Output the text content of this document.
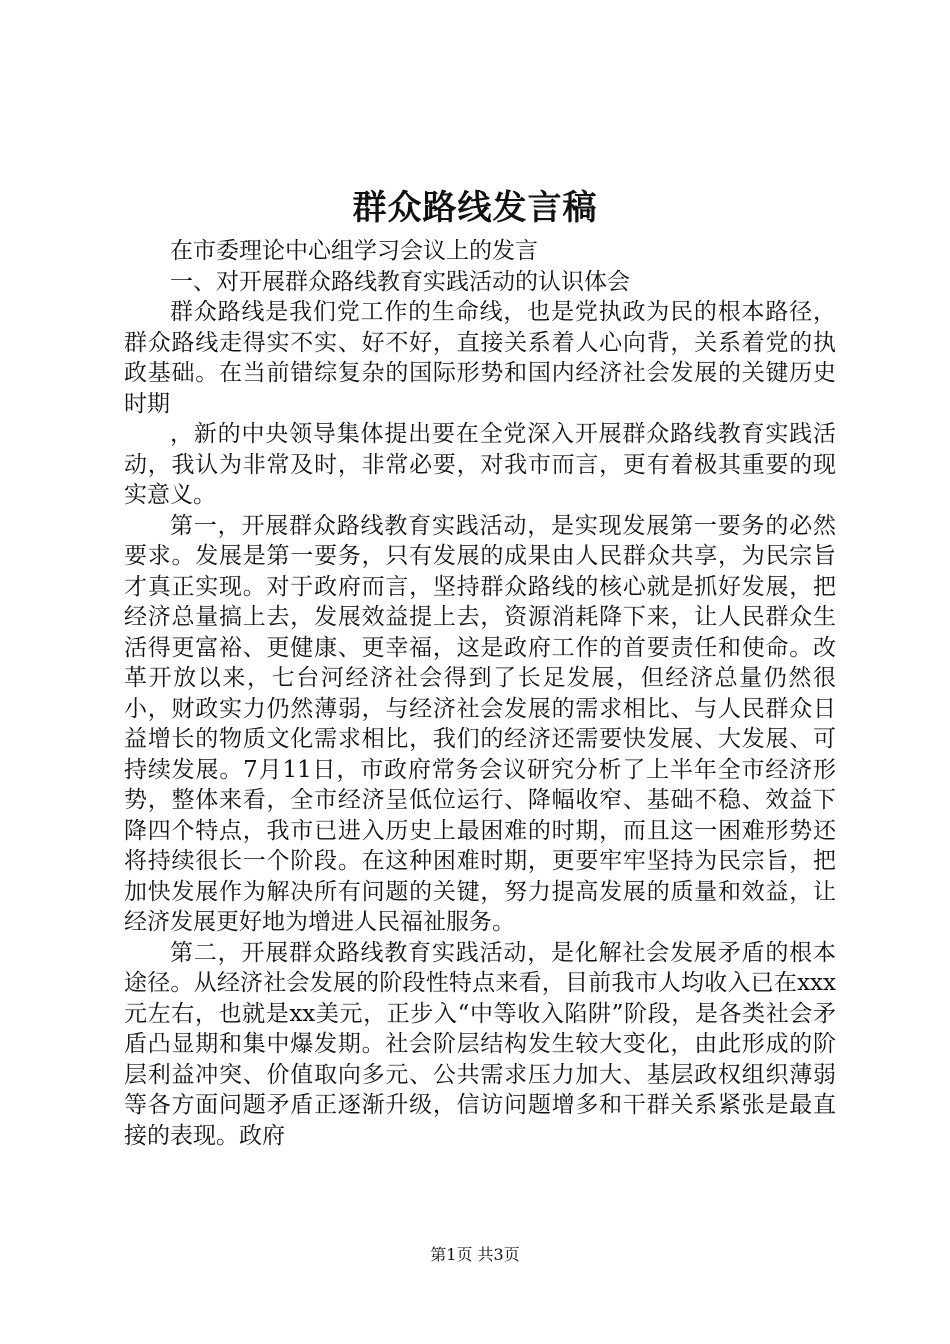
群众路线发言稿

在市委理论中心组学习会议上的发言

一、对开展群众路线教育实践活动的认识体会

群众路线是我们党工作的生命线，也是党执政为民的根本路径，群众路线走得实不实、好不好，直接关系着人心向背，关系着党的执政基础。在当前错综复杂的国际形势和国内经济社会发展的关键历史时期

，新的中央领导集体提出要在全党深入开展群众路线教育实践活动，我认为非常及时，非常必要，对我市而言，更有着极其重要的现实意义。

第一，开展群众路线教育实践活动，是实现发展第一要务的必然要求。发展是第一要务，只有发展的成果由人民群众共享，为民宗旨才真正实现。对于政府而言，坚持群众路线的核心就是抓好发展，把经济总量搞上去，发展效益提上去，资源消耗降下来，让人民群众生活得更富裕、更健康、更幸福，这是政府工作的首要责任和使命。改革开放以来，七台河经济社会得到了长足发展，但经济总量仍然很小，财政实力仍然薄弱，与经济社会发展的需求相比、与人民群众日益增长的物质文化需求相比，我们的经济还需要快发展、大发展、可持续发展。7月11日，市政府常务会议研究分析了上半年全市经济形势，整体来看，全市经济呈低位运行、降幅收窄、基础不稳、效益下降四个特点，我市已进入历史上最困难的时期，而且这一困难形势还将持续很长一个阶段。在这种困难时期，更要牢牢坚持为民宗旨，把加快发展作为解决所有问题的关键，努力提高发展的质量和效益，让经济发展更好地为增进人民福祉服务。

第二，开展群众路线教育实践活动，是化解社会发展矛盾的根本途径。从经济社会发展的阶段性特点来看，目前我市人均收入已在xxx元左右，也就是xx美元，正步入“中等收入陷阱”阶段，是各类社会矛盾凸显期和集中爆发期。社会阶层结构发生较大变化，由此形成的阶层利益冲突、价值取向多元、公共需求压力加大、基层政权组织薄弱等各方面问题矛盾正逐渐升级，信访问题增多和干群关系紧张是最直接的表现。政府

第1页 共3页
